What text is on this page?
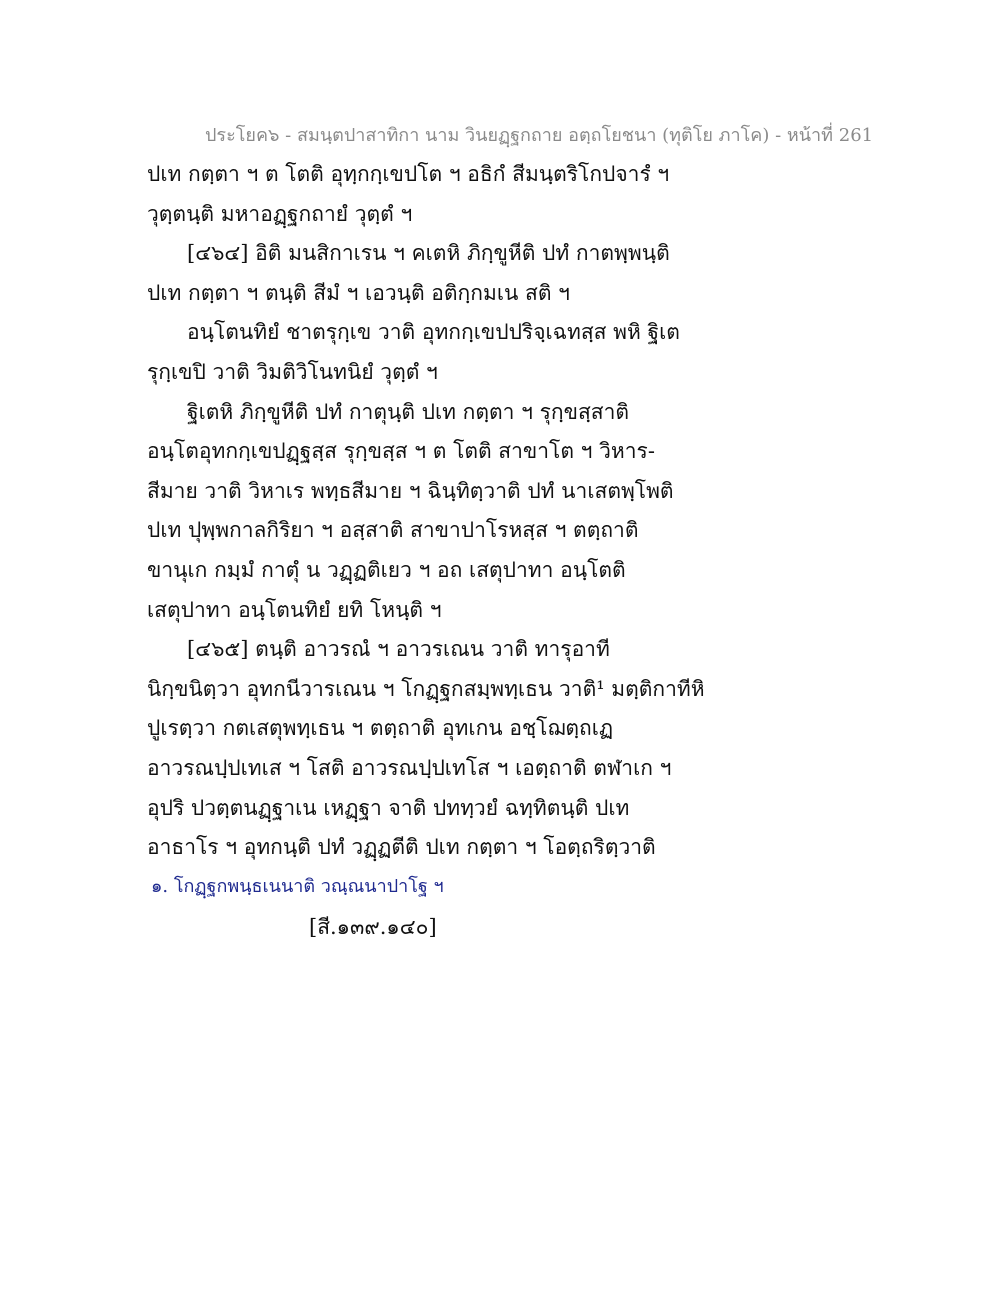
ประโยค๖ - สมนฺตปาสาทิกา นาม วินยฏฺฐกถาย อตฺถโยชนา (ทุติโย ภาโค) - หน้าที่ 261
ปเท กตฺตา ฯ ต โตติ อุทฺกกฺเขปโต ฯ อธิกํ สีมนฺตริโกปจารํ ฯ
วุตฺตนฺติ มหาอฏฺฐกถายํ วุตฺตํ ฯ
[๔๖๔] อิติ มนสิกาเรน ฯ คเตหิ ภิกฺขูหีติ ปทํ กาตพฺพนฺติ
ปเท กตฺตา ฯ ตนฺติ สีมํ ฯ เอวนฺติ อติกฺกมเน สติ ฯ
อนฺโตนทิยํ ชาตรุกฺเข วาติ อุทกกฺเขปปริจฺเฉทสฺส พหิ ฐิเต
รุกฺเขปิ วาติ วิมติวิโนทนิยํ วุตฺตํ ฯ
ฐิเตหิ ภิกฺขูหีติ ปทํ กาตุนฺติ ปเท กตฺตา ฯ รุกฺขสฺสาติ
อนฺโตอุทกกฺเขปฏฺฐสฺส รุกฺขสฺส ฯ ต โตติ สาขาโต ฯ วิหาร-
สีมาย วาติ วิหาเร พทฺธสีมาย ฯ ฉินฺทิตฺวาติ ปทํ นาเสตพฺโพติ
ปเท ปุพฺพกาลกิริยา ฯ อสฺสาติ สาขาปาโรหสฺส ฯ ตตฺถาติ
ขานุเก กมฺมํ กาตุํ น วฏฺฏติเยว ฯ อถ เสตุปาทา อนฺโตติ
เสตุปาทา อนฺโตนทิยํ ยทิ โหนฺติ ฯ
[๔๖๕] ตนฺติ อาวรณํ ฯ อาวรเณน วาติ ทารุอาที
นิกฺขนิตฺวา อุทกนีวารเณน ฯ โกฏฺฐกสมฺพทฺเธน วาติ¹ มตฺติกาทีหิ
ปูเรตฺวา กตเสตุพทฺเธน ฯ ตตฺถาติ อุทเกน อชฺโฌตฺถเฏ
อาวรณปฺปเทเส ฯ โสติ อาวรณปฺปเทโส ฯ เอตฺถาติ ตฬาเก ฯ
อุปริ ปวตฺตนฏฺฐาเน เหฏฺฐา จาติ ปททฺวยํ ฉทฺทิตนฺติ ปเท
อาธาโร ฯ อุทกนฺติ ปทํ วฏฺฏตีติ ปเท กตฺตา ฯ โอตฺถริตฺวาติ
๑. โกฏฺฐกพนฺธเนนาติ วณฺณนาปาโฐ ฯ
[สี.๑๓๙.๑๔๐]
